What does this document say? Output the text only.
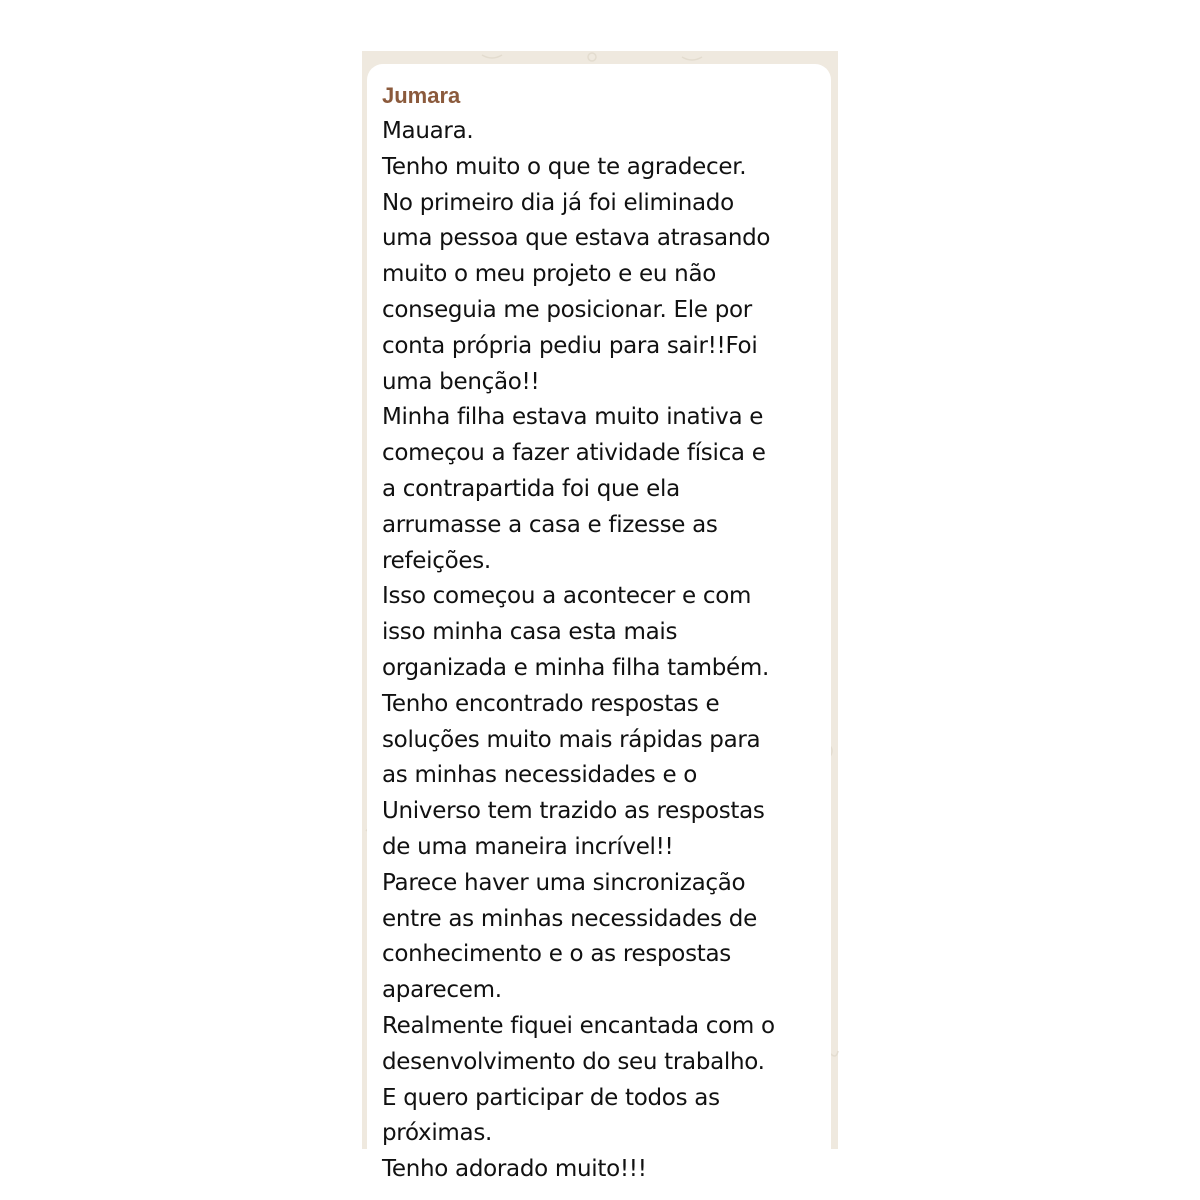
Jumara
Mauara.
Tenho muito o que te agradecer.
No primeiro dia já foi eliminado
uma pessoa que estava atrasando
muito o meu projeto e eu não
conseguia me posicionar. Ele por
conta própria pediu para sair!!Foi
uma benção!!
Minha filha estava muito inativa e
começou a fazer atividade física e
a contrapartida foi que ela
arrumasse a casa e fizesse as
refeições.
Isso começou a acontecer e com
isso minha casa esta mais
organizada e minha filha também.
Tenho encontrado respostas e
soluções muito mais rápidas para
as minhas necessidades e o
Universo tem trazido as respostas
de uma maneira incrível!!
Parece haver uma sincronização
entre as minhas necessidades de
conhecimento e o as respostas
aparecem.
Realmente fiquei encantada com o
desenvolvimento do seu trabalho.
E quero participar de todos as
próximas.
Tenho adorado muito!!!
